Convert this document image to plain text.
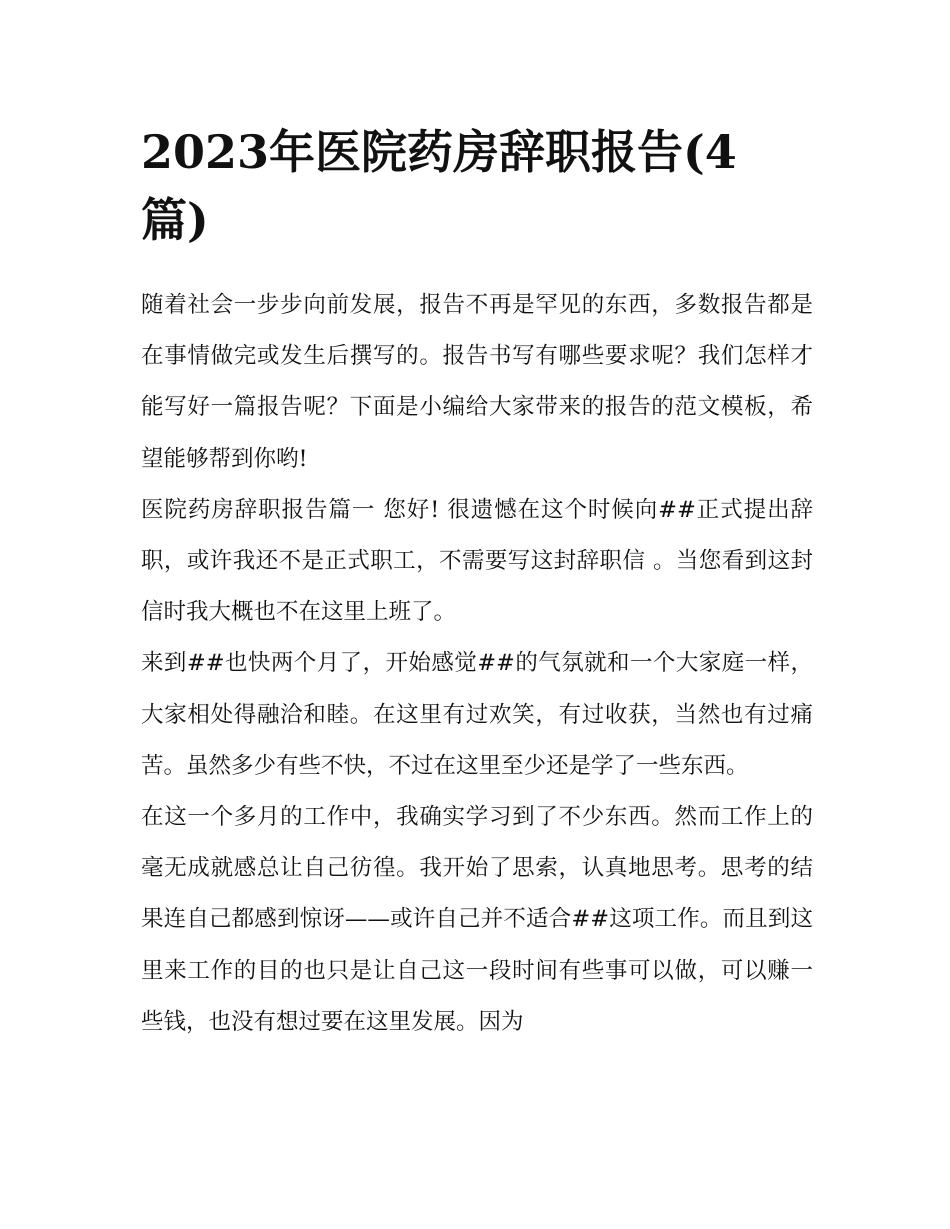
2023年医院药房辞职报告(4篇)

随着社会一步步向前发展，报告不再是罕见的东西，多数报告都是在事情做完或发生后撰写的。报告书写有哪些要求呢？我们怎样才能写好一篇报告呢？下面是小编给大家带来的报告的范文模板，希望能够帮到你哟!

医院药房辞职报告篇一 您好! 很遗憾在这个时候向##正式提出辞职，或许我还不是正式职工，不需要写这封辞职信 。当您看到这封信时我大概也不在这里上班了。

来到##也快两个月了，开始感觉##的气氛就和一个大家庭一样，大家相处得融洽和睦。在这里有过欢笑，有过收获，当然也有过痛苦。虽然多少有些不快，不过在这里至少还是学了一些东西。

在这一个多月的工作中，我确实学习到了不少东西。然而工作上的毫无成就感总让自己彷徨。我开始了思索，认真地思考。思考的结果连自己都感到惊讶——或许自己并不适合##这项工作。而且到这里来工作的目的也只是让自己这一段时间有些事可以做，可以赚一些钱，也没有想过要在这里发展。因为
